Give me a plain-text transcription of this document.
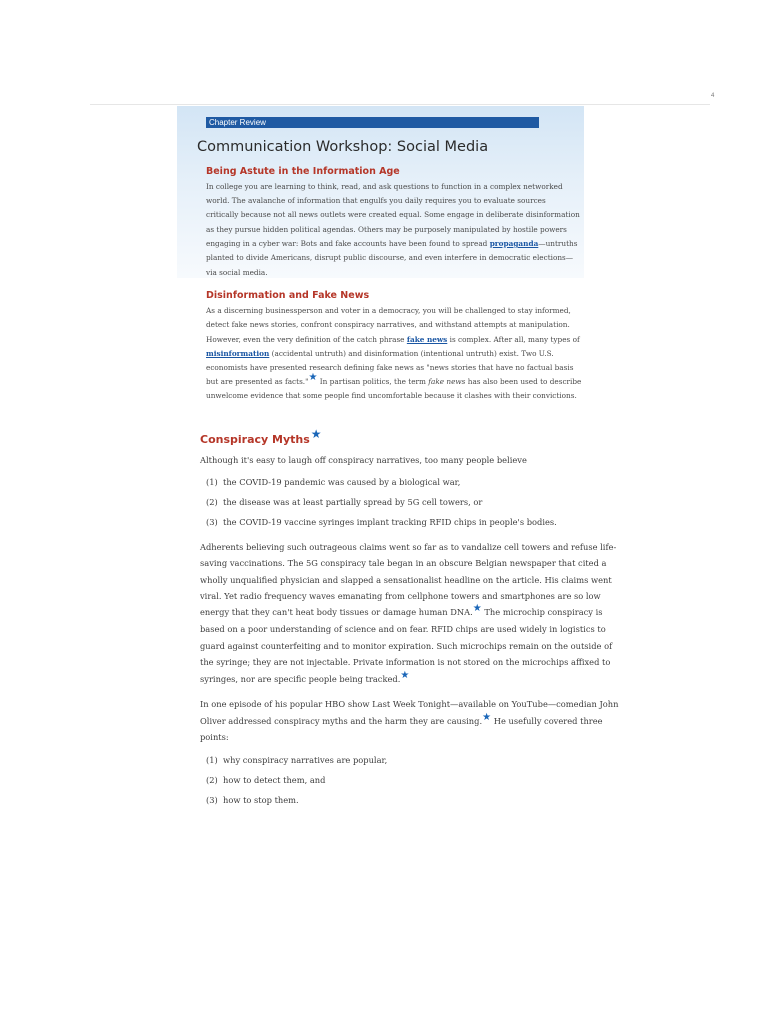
4
Chapter Review
Communication Workshop: Social Media
Being Astute in the Information Age
In college you are learning to think, read, and ask questions to function in a complex networked
world. The avalanche of information that engulfs you daily requires you to evaluate sources
critically because not all news outlets were created equal. Some engage in deliberate disinformation
as they pursue hidden political agendas. Others may be purposely manipulated by hostile powers
engaging in a cyber war: Bots and fake accounts have been found to spread propaganda—untruths
planted to divide Americans, disrupt public discourse, and even interfere in democratic elections—
via social media.
Disinformation and Fake News
As a discerning businessperson and voter in a democracy, you will be challenged to stay informed,
detect fake news stories, confront conspiracy narratives, and withstand attempts at manipulation.
However, even the very definition of the catch phrase fake news is complex. After all, many types of
misinformation (accidental untruth) and disinformation (intentional untruth) exist. Two U.S.
economists have presented research defining fake news as "news stories that have no factual basis
but are presented as facts."★ In partisan politics, the term fake news has also been used to describe
unwelcome evidence that some people find uncomfortable because it clashes with their convictions.
Conspiracy Myths★
Although it's easy to laugh off conspiracy narratives, too many people believe
(1) the COVID-19 pandemic was caused by a biological war,
(2) the disease was at least partially spread by 5G cell towers, or
(3) the COVID-19 vaccine syringes implant tracking RFID chips in people's bodies.
Adherents believing such outrageous claims went so far as to vandalize cell towers and refuse life-
saving vaccinations. The 5G conspiracy tale began in an obscure Belgian newspaper that cited a
wholly unqualified physician and slapped a sensationalist headline on the article. His claims went
viral. Yet radio frequency waves emanating from cellphone towers and smartphones are so low
energy that they can't heat body tissues or damage human DNA.★ The microchip conspiracy is
based on a poor understanding of science and on fear. RFID chips are used widely in logistics to
guard against counterfeiting and to monitor expiration. Such microchips remain on the outside of
the syringe; they are not injectable. Private information is not stored on the microchips affixed to
syringes, nor are specific people being tracked.★
In one episode of his popular HBO show Last Week Tonight—available on YouTube—comedian John
Oliver addressed conspiracy myths and the harm they are causing.★ He usefully covered three
points:
(1) why conspiracy narratives are popular,
(2) how to detect them, and
(3) how to stop them.
